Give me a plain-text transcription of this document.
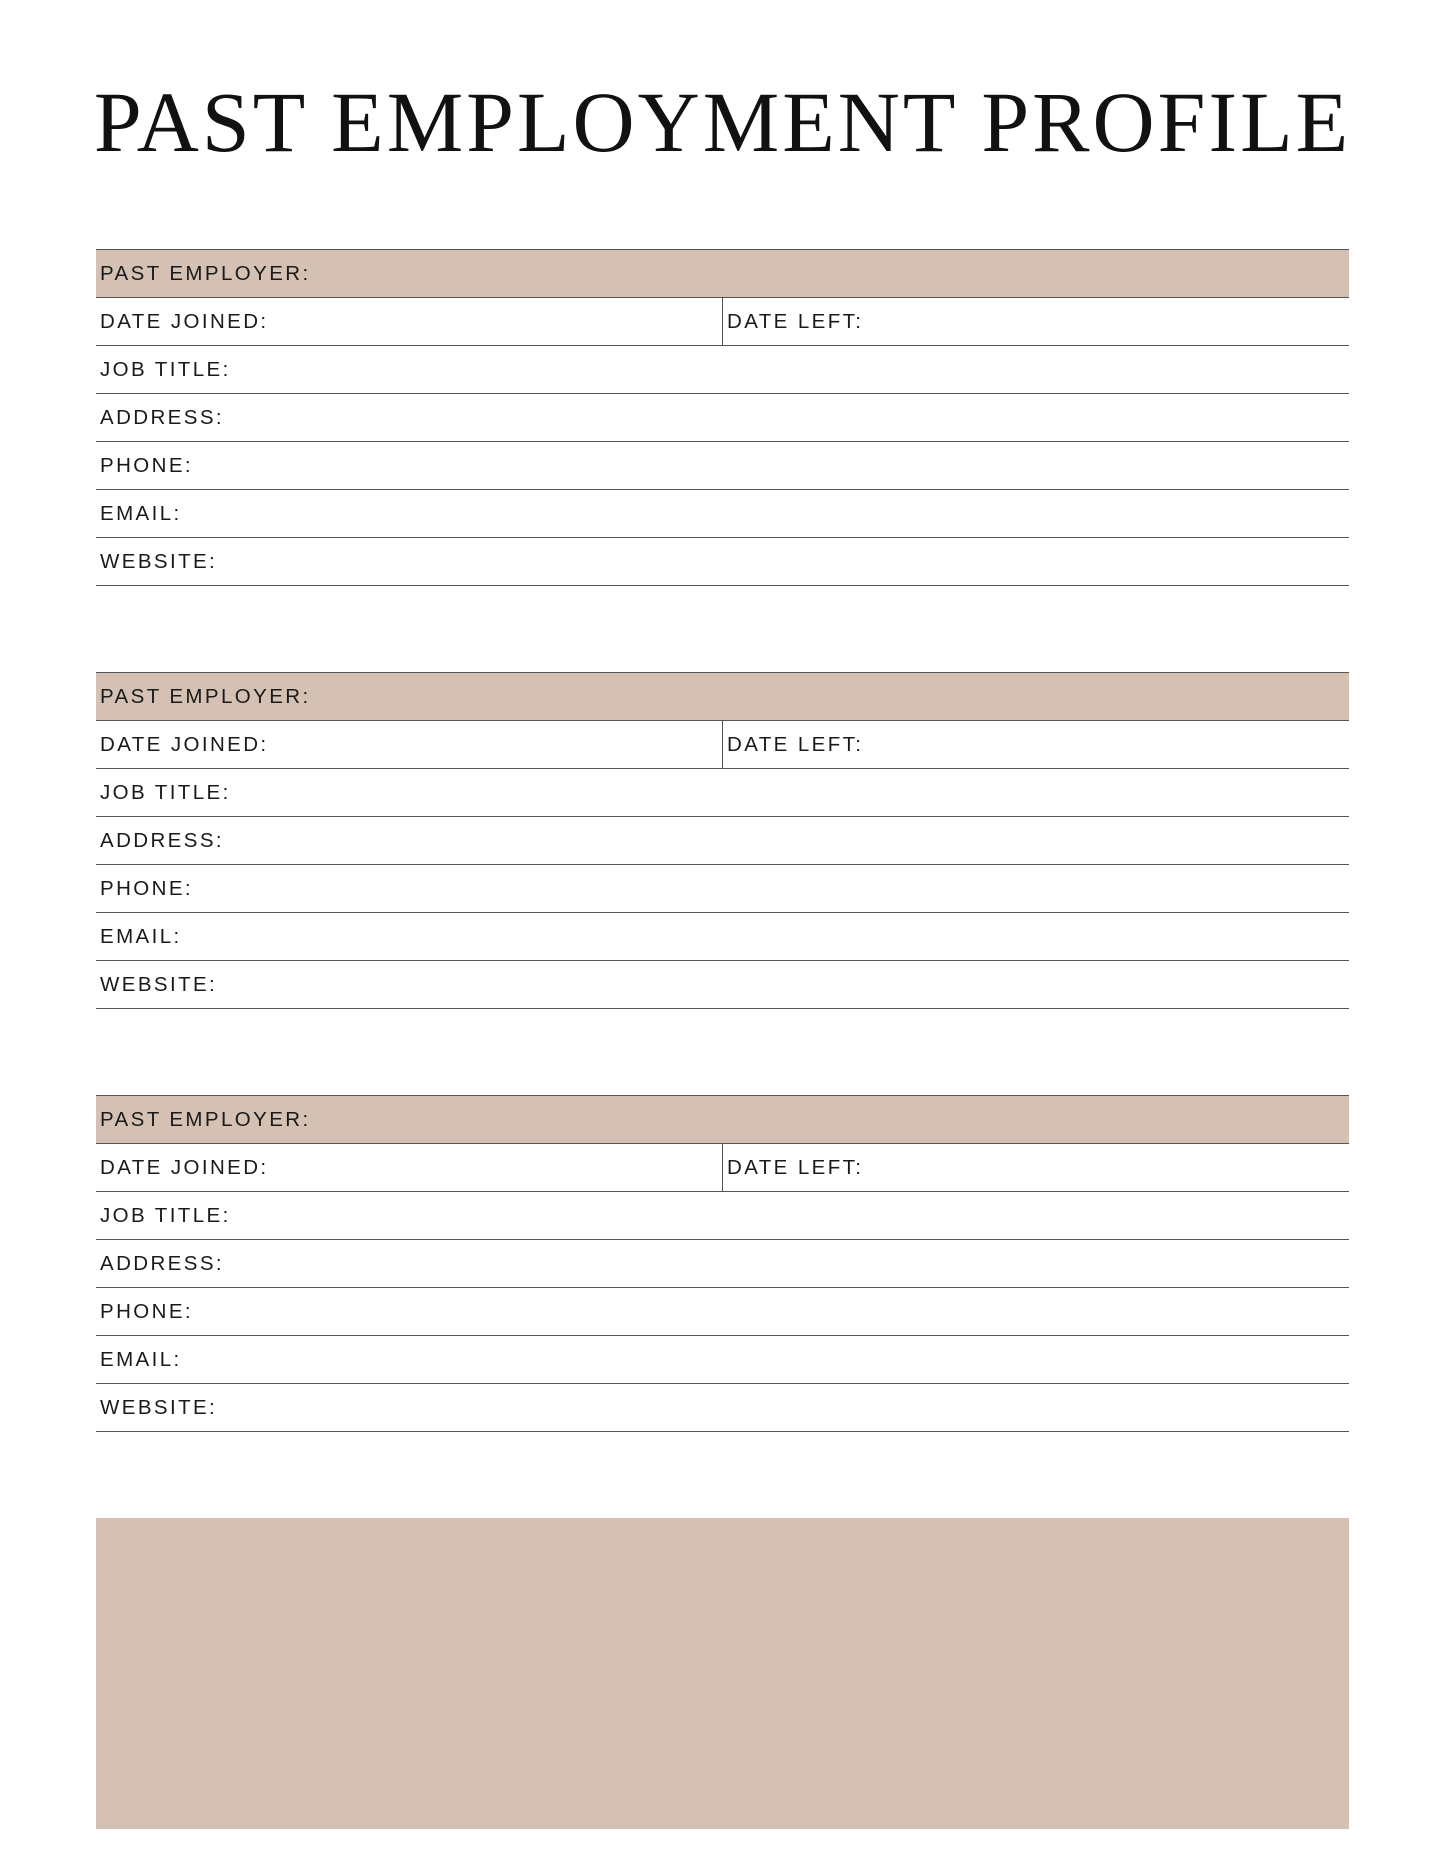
PAST EMPLOYMENT PROFILE
PAST EMPLOYER:
DATE JOINED:	DATE LEFT:
JOB TITLE:
ADDRESS:
PHONE:
EMAIL:
WEBSITE:
PAST EMPLOYER:
DATE JOINED:	DATE LEFT:
JOB TITLE:
ADDRESS:
PHONE:
EMAIL:
WEBSITE:
PAST EMPLOYER:
DATE JOINED:	DATE LEFT:
JOB TITLE:
ADDRESS:
PHONE:
EMAIL:
WEBSITE:
